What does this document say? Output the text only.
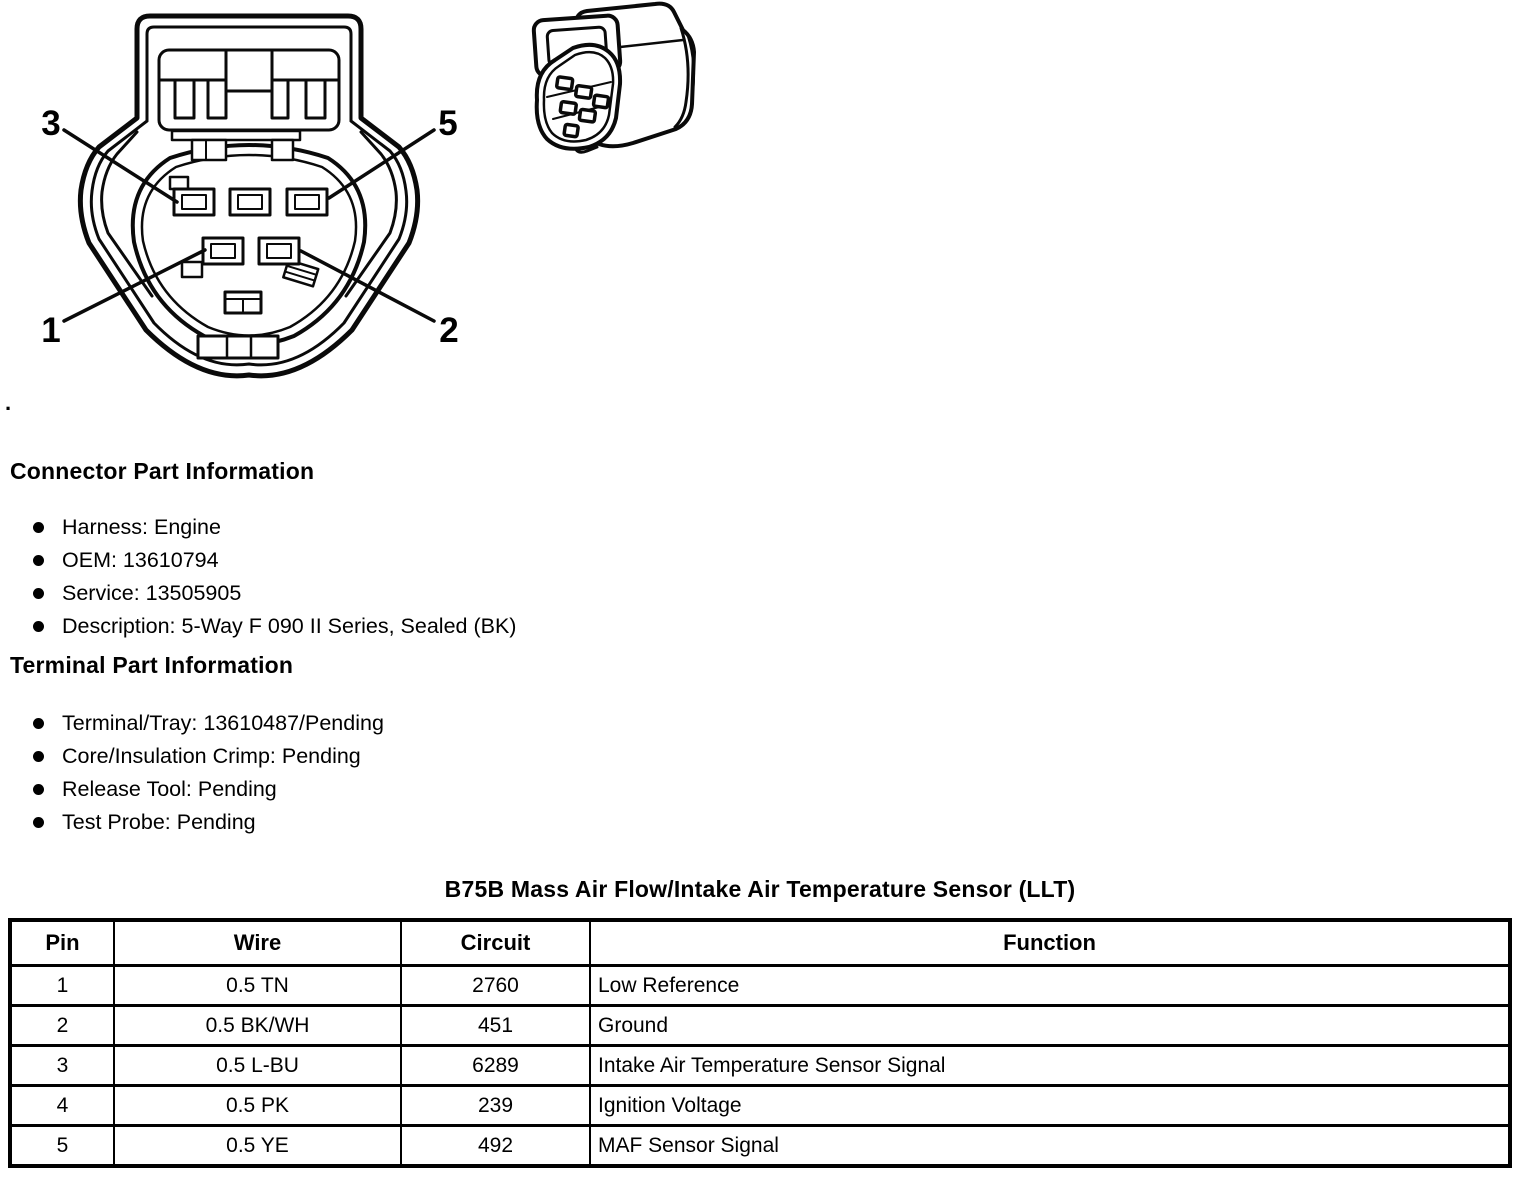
3	5
1	2
.
Connector Part Information
Harness: Engine
OEM: 13610794
Service: 13505905
Description: 5-Way F 090 II Series, Sealed (BK)
Terminal Part Information
Terminal/Tray: 13610487/Pending
Core/Insulation Crimp: Pending
Release Tool: Pending
Test Probe: Pending
B75B Mass Air Flow/Intake Air Temperature Sensor (LLT)
Pin	Wire	Circuit	Function
1	0.5 TN	2760	Low Reference
2	0.5 BK/WH	451	Ground
3	0.5 L-BU	6289	Intake Air Temperature Sensor Signal
4	0.5 PK	239	Ignition Voltage
5	0.5 YE	492	MAF Sensor Signal
